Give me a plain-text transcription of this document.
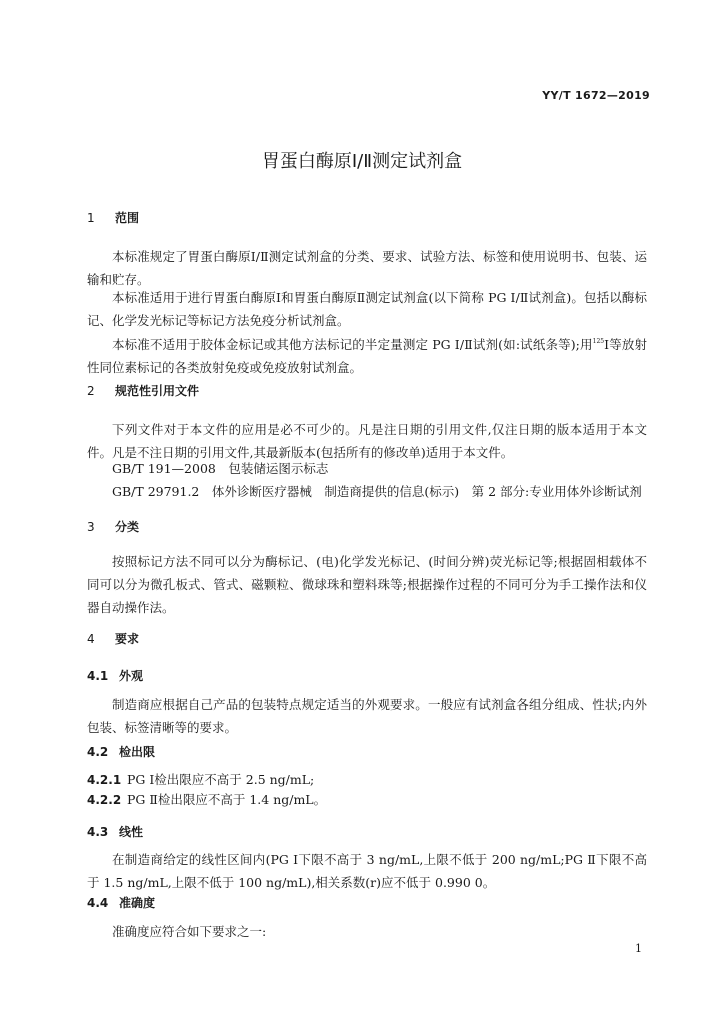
YY/T 1672—2019
胃蛋白酶原Ⅰ/Ⅱ测定试剂盒
1 范围
本标准规定了胃蛋白酶原Ⅰ/Ⅱ测定试剂盒的分类、要求、试验方法、标签和使用说明书、包装、运输和贮存。
本标准适用于进行胃蛋白酶原Ⅰ和胃蛋白酶原Ⅱ测定试剂盒(以下简称 PG Ⅰ/Ⅱ试剂盒)。包括以酶标记、化学发光标记等标记方法免疫分析试剂盒。
本标准不适用于胶体金标记或其他方法标记的半定量测定 PG Ⅰ/Ⅱ试剂(如:试纸条等);用$^{125}$I等放射性同位素标记的各类放射免疫或免疫放射试剂盒。
2 规范性引用文件
下列文件对于本文件的应用是必不可少的。凡是注日期的引用文件,仅注日期的版本适用于本文件。凡是不注日期的引用文件,其最新版本(包括所有的修改单)适用于本文件。
GB/T 191—2008　包装储运图示标志
GB/T 29791.2　体外诊断医疗器械　制造商提供的信息(标示)　第 2 部分:专业用体外诊断试剂
3 分类
按照标记方法不同可以分为酶标记、(电)化学发光标记、(时间分辨)荧光标记等;根据固相载体不同可以分为微孔板式、管式、磁颗粒、微球珠和塑料珠等;根据操作过程的不同可分为手工操作法和仪器自动操作法。
4 要求
4.1 外观
制造商应根据自己产品的包装特点规定适当的外观要求。一般应有试剂盒各组分组成、性状;内外包装、标签清晰等的要求。
4.2 检出限
4.2.1 PG Ⅰ检出限应不高于 2.5 ng/mL;
4.2.2 PG Ⅱ检出限应不高于 1.4 ng/mL。
4.3 线性
在制造商给定的线性区间内(PG Ⅰ下限不高于 3 ng/mL,上限不低于 200 ng/mL;PG Ⅱ下限不高于 1.5 ng/mL,上限不低于 100 ng/mL),相关系数(r)应不低于 0.990 0。
4.4 准确度
准确度应符合如下要求之一:
1
